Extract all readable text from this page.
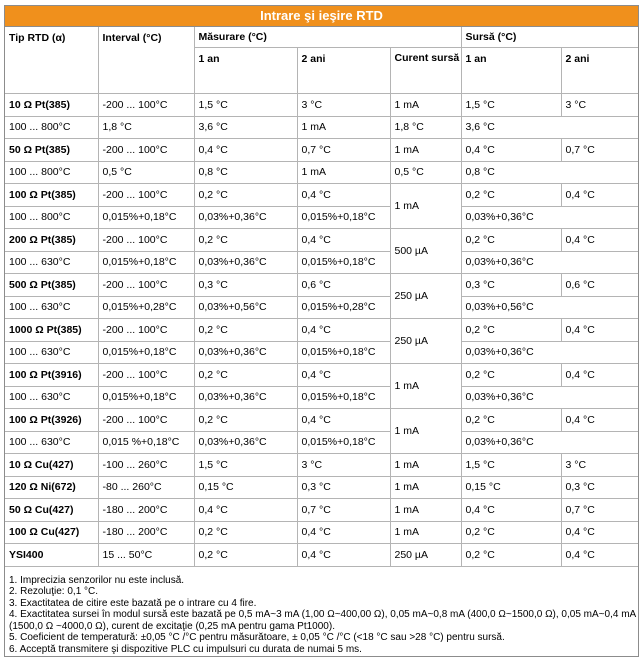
Intrare şi ieşire RTD
Tip RTD (α)	Interval (°C)	Măsurare (°C)			Sursă (°C)	
		1 an	2 ani	Curent sursă	1 an	2 ani
10 Ω Pt(385)	-200 ... 100°C	1,5 °C	3 °C	1 mA	1,5 °C	3 °C
100 ... 800°C	1,8 °C	3,6 °C	1 mA	1,8 °C	3,6 °C	
50 Ω Pt(385)	-200 ... 100°C	0,4 °C	0,7 °C	1 mA	0,4 °C	0,7 °C
100 ... 800°C	0,5 °C	0,8 °C	1 mA	0,5 °C	0,8 °C	
100 Ω Pt(385)	-200 ... 100°C	0,2 °C	0,4 °C	1 mA	0,2 °C	0,4 °C
100 ... 800°C	0,015%+0,18°C	0,03%+0,36°C	0,015%+0,18°C		0,03%+0,36°C	
200 Ω Pt(385)	-200 ... 100°C	0,2 °C	0,4 °C	500 µA	0,2 °C	0,4 °C
100 ... 630°C	0,015%+0,18°C	0,03%+0,36°C	0,015%+0,18°C		0,03%+0,36°C	
500 Ω Pt(385)	-200 ... 100°C	0,3 °C	0,6 °C	250 µA	0,3 °C	0,6 °C
100 ... 630°C	0,015%+0,28°C	0,03%+0,56°C	0,015%+0,28°C		0,03%+0,56°C	
1000 Ω Pt(385)	-200 ... 100°C	0,2 °C	0,4 °C	250 µA	0,2 °C	0,4 °C
100 ... 630°C	0,015%+0,18°C	0,03%+0,36°C	0,015%+0,18°C		0,03%+0,36°C	
100 Ω Pt(3916)	-200 ... 100°C	0,2 °C	0,4 °C	1 mA	0,2 °C	0,4 °C
100 ... 630°C	0,015%+0,18°C	0,03%+0,36°C	0,015%+0,18°C		0,03%+0,36°C	
100 Ω Pt(3926)	-200 ... 100°C	0,2 °C	0,4 °C	1 mA	0,2 °C	0,4 °C
100 ... 630°C	0,015 %+0,18°C	0,03%+0,36°C	0,015%+0,18°C		0,03%+0,36°C	
10 Ω Cu(427)	-100 ... 260°C	1,5 °C	3 °C	1 mA	1,5 °C	3 °C
120 Ω Ni(672)	-80 ... 260°C	0,15 °C	0,3 °C	1 mA	0,15 °C	0,3 °C
50 Ω Cu(427)	-180 ... 200°C	0,4 °C	0,7 °C	1 mA	0,4 °C	0,7 °C
100 Ω Cu(427)	-180 ... 200°C	0,2 °C	0,4 °C	1 mA	0,2 °C	0,4 °C
YSI400	15 ... 50°C	0,2 °C	0,4 °C	250 µA	0,2 °C	0,4 °C
1. Imprecizia senzorilor nu este inclusă.
2. Rezoluţie: 0,1 °C.
3. Exactitatea de citire este bazată pe o intrare cu 4 fire.
4. Exactitatea sursei în modul sursă este bazată pe 0,5 mA~3 mA (1,00 Ω~400,00 Ω), 0,05 mA~0,8 mA (400,0 Ω~1500,0 Ω), 0,05 mA~0,4 mA (1500,0 Ω ~4000,0 Ω), curent de excitaţie (0,25 mA pentru gama Pt1000).
5. Coeficient de temperatură: ±0,05 °C /°C pentru măsurătoare, ± 0,05 °C /°C (<18 °C sau >28 °C) pentru sursă.
6. Acceptă transmitere şi dispozitive PLC cu impulsuri cu durata de numai 5 ms.
